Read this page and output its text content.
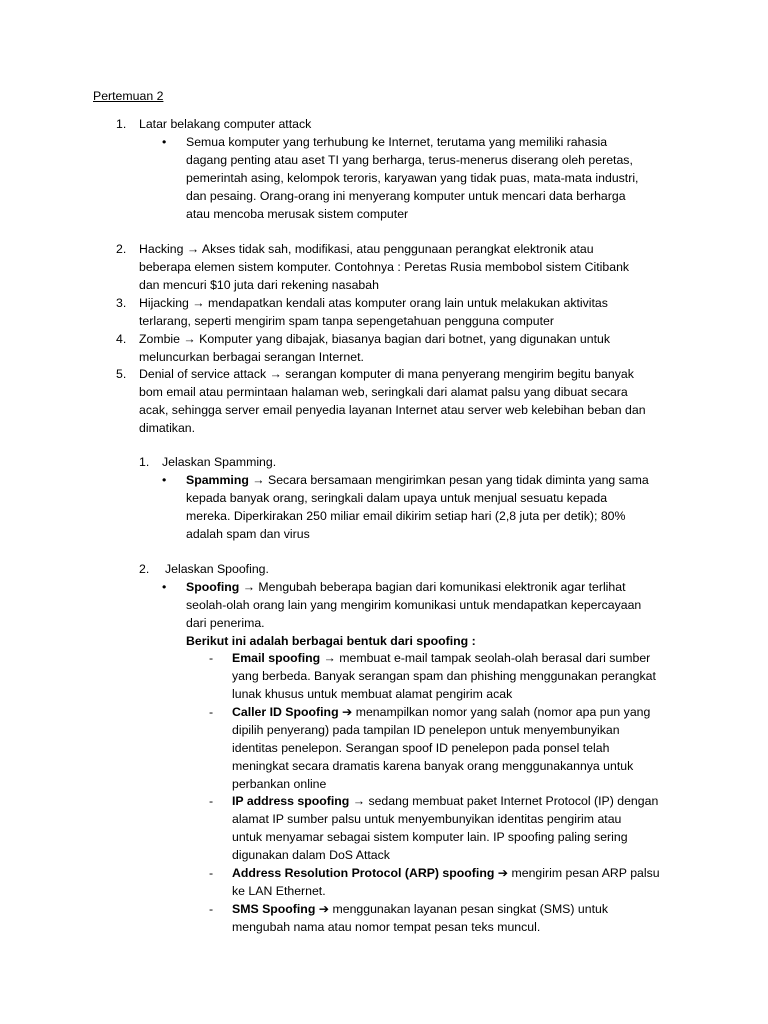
Pertemuan 2
1. Latar belakang computer attack
• Semua komputer yang terhubung ke Internet, terutama yang memiliki rahasia
dagang penting atau aset TI yang berharga, terus-menerus diserang oleh peretas,
pemerintah asing, kelompok teroris, karyawan yang tidak puas, mata-mata industri,
dan pesaing. Orang-orang ini menyerang komputer untuk mencari data berharga
atau mencoba merusak sistem computer
2. Hacking → Akses tidak sah, modifikasi, atau penggunaan perangkat elektronik atau
beberapa elemen sistem komputer. Contohnya : Peretas Rusia membobol sistem Citibank
dan mencuri $10 juta dari rekening nasabah
3. Hijacking → mendapatkan kendali atas komputer orang lain untuk melakukan aktivitas
terlarang, seperti mengirim spam tanpa sepengetahuan pengguna computer
4. Zombie → Komputer yang dibajak, biasanya bagian dari botnet, yang digunakan untuk
meluncurkan berbagai serangan Internet.
5. Denial of service attack → serangan komputer di mana penyerang mengirim begitu banyak
bom email atau permintaan halaman web, seringkali dari alamat palsu yang dibuat secara
acak, sehingga server email penyedia layanan Internet atau server web kelebihan beban dan
dimatikan.
1. Jelaskan Spamming.
• Spamming → Secara bersamaan mengirimkan pesan yang tidak diminta yang sama
kepada banyak orang, seringkali dalam upaya untuk menjual sesuatu kepada
mereka. Diperkirakan 250 miliar email dikirim setiap hari (2,8 juta per detik); 80%
adalah spam dan virus
2. Jelaskan Spoofing.
• Spoofing → Mengubah beberapa bagian dari komunikasi elektronik agar terlihat
seolah-olah orang lain yang mengirim komunikasi untuk mendapatkan kepercayaan
dari penerima.
Berikut ini adalah berbagai bentuk dari spoofing :
- Email spoofing → membuat e-mail tampak seolah-olah berasal dari sumber
yang berbeda. Banyak serangan spam dan phishing menggunakan perangkat
lunak khusus untuk membuat alamat pengirim acak
- Caller ID Spoofing ➔ menampilkan nomor yang salah (nomor apa pun yang
dipilih penyerang) pada tampilan ID penelepon untuk menyembunyikan
identitas penelepon. Serangan spoof ID penelepon pada ponsel telah
meningkat secara dramatis karena banyak orang menggunakannya untuk
perbankan online
- IP address spoofing → sedang membuat paket Internet Protocol (IP) dengan
alamat IP sumber palsu untuk menyembunyikan identitas pengirim atau
untuk menyamar sebagai sistem komputer lain. IP spoofing paling sering
digunakan dalam DoS Attack
- Address Resolution Protocol (ARP) spoofing ➔ mengirim pesan ARP palsu
ke LAN Ethernet.
- SMS Spoofing ➔ menggunakan layanan pesan singkat (SMS) untuk
mengubah nama atau nomor tempat pesan teks muncul.
